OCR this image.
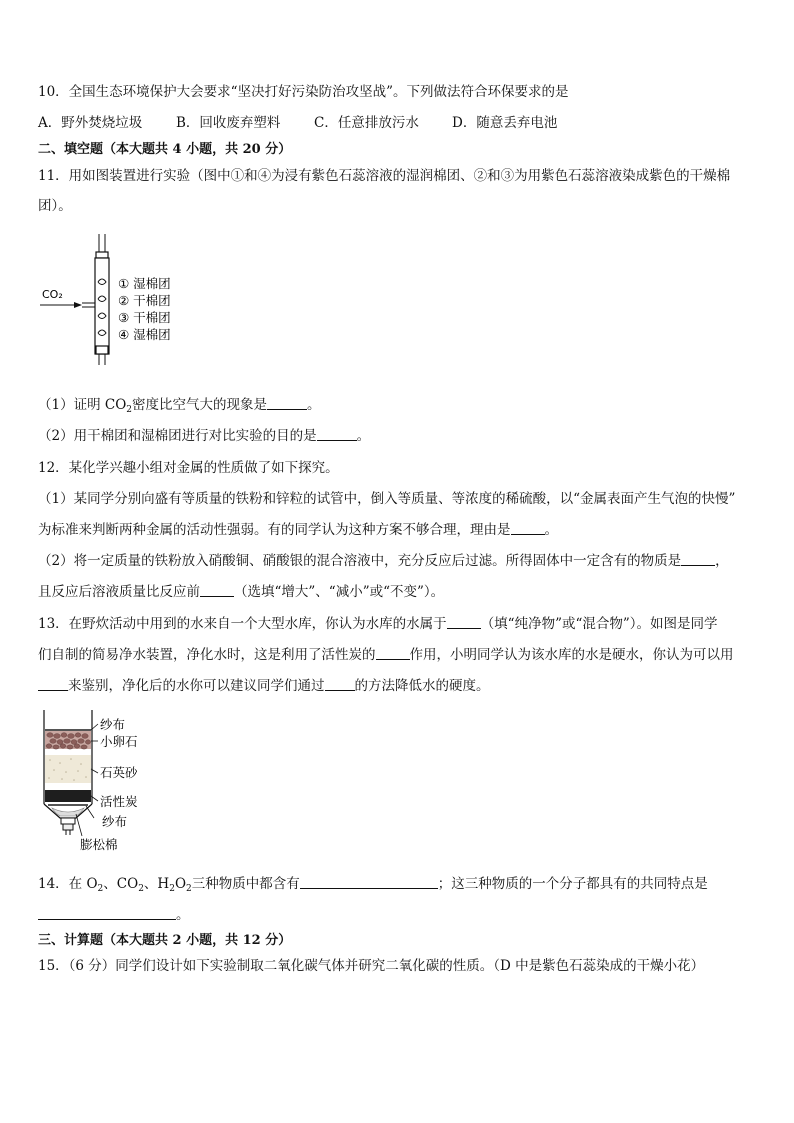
10．全国生态环境保护大会要求“坚决打好污染防治攻坚战”。下列做法符合环保要求的是
A．野外焚烧垃圾	B．回收废弃塑料 C．任意排放污水 D．随意丢弃电池
二、填空题（本大题共 4 小题，共 20 分）
11．用如图装置进行实验（图中①和④为浸有紫色石蕊溶液的湿润棉团、②和③为用紫色石蕊溶液染成紫色的干燥棉
团）。
CO₂
① 湿棉团
② 干棉团
③ 干棉团
④ 湿棉团
（1）证明 $CO_2$密度比空气大的现象是	。
（2）用干棉团和湿棉团进行对比实验的目的是	。
12．某化学兴趣小组对金属的性质做了如下探究。
（1）某同学分别向盛有等质量的铁粉和锌粒的试管中，倒入等质量、等浓度的稀硫酸，以“金属表面产生气泡的快慢”
为标准来判断两种金属的活动性强弱。有的同学认为这种方案不够合理，理由是	。
（2）将一定质量的铁粉放入硝酸铜、硝酸银的混合溶液中，充分反应后过滤。所得固体中一定含有的物质是	，
且反应后溶液质量比反应前	（选填“增大”、“减小”或“不变”）。
13．在野炊活动中用到的水来自一个大型水库，你认为水库的水属于	（填“纯净物”或“混合物”）。如图是同学
们自制的简易净水装置，净化水时，这是利用了活性炭的	作用，小明同学认为该水库的水是硬水，你认为可以用
来鉴别，净化后的水你可以建议同学们通过 的方法降低水的硬度。
纱布
小卵石
石英砂
活性炭
纱布
膨松棉
14．在 $O_2$、$CO_2$、$H_2O_2$三种物质中都含有	；这三种物质的一个分子都具有的共同特点是
。
三、计算题（本大题共 2 小题，共 12 分）
15．（6 分）同学们设计如下实验制取二氧化碳气体并研究二氧化碳的性质。（D 中是紫色石蕊染成的干燥小花）
